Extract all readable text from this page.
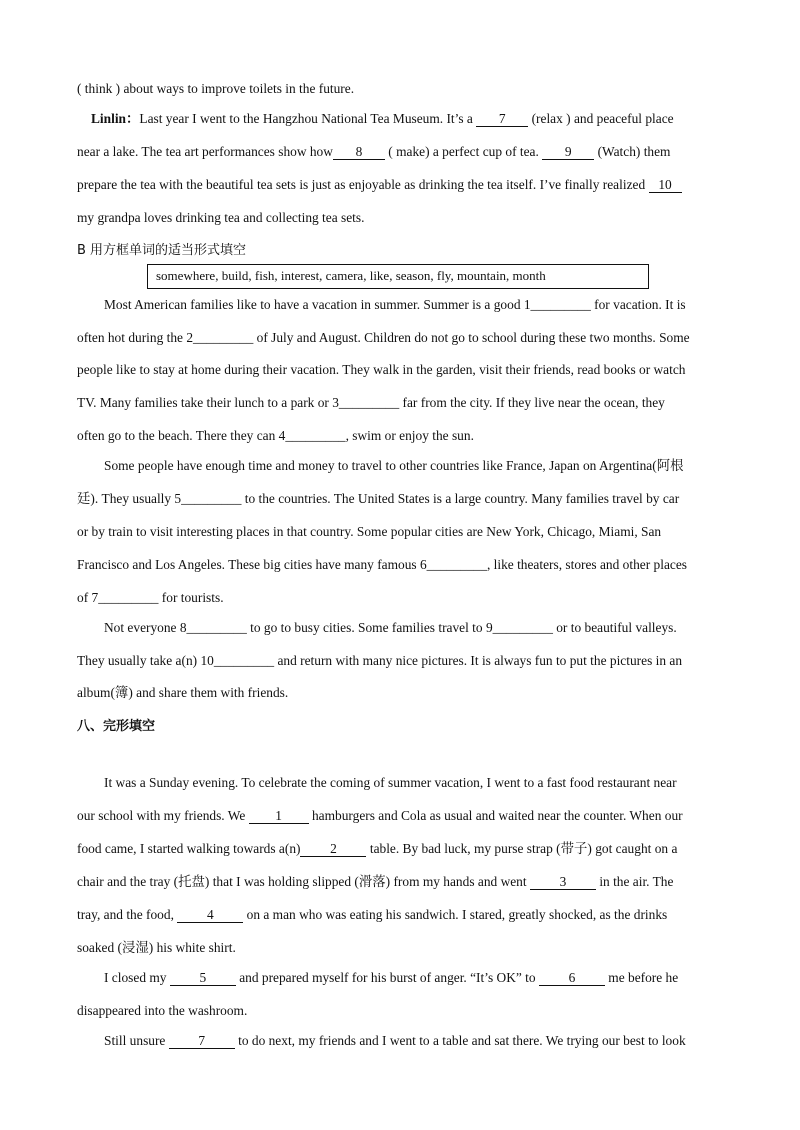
( think ) about ways to improve toilets in the future.
Linlin：Last year I went to the Hangzhou National Tea Museum. It’s a 7 (relax ) and peaceful place
near a lake. The tea art performances show how 8 ( make) a perfect cup of tea. 9 (Watch) them
prepare the tea with the beautiful tea sets is just as enjoyable as drinking the tea itself. I’ve finally realized 10
my grandpa loves drinking tea and collecting tea sets.
B 用方框单词的适当形式填空
somewhere, build, fish, interest, camera, like, season, fly, mountain, month
Most American families like to have a vacation in summer. Summer is a good 1_________ for vacation. It is
often hot during the 2_________ of July and August. Children do not go to school during these two months. Some
people like to stay at home during their vacation. They walk in the garden, visit their friends, read books or watch
TV. Many families take their lunch to a park or 3_________ far from the city. If they live near the ocean, they
often go to the beach. There they can 4_________, swim or enjoy the sun.
Some people have enough time and money to travel to other countries like France, Japan on Argentina(阿根
廷). They usually 5_________ to the countries. The United States is a large country. Many families travel by car
or by train to visit interesting places in that country. Some popular cities are New York, Chicago, Miami, San
Francisco and Los Angeles. These big cities have many famous 6_________, like theaters, stores and other places
of 7_________ for tourists.
Not everyone 8_________ to go to busy cities. Some families travel to 9_________ or to beautiful valleys.
They usually take a(n) 10_________ and return with many nice pictures. It is always fun to put the pictures in an
album(簿) and share them with friends.
八、完形填空
It was a Sunday evening. To celebrate the coming of summer vacation, I went to a fast food restaurant near
our school with my friends. We 1 hamburgers and Cola as usual and waited near the counter. When our
food came, I started walking towards a(n) 2 table. By bad luck, my purse strap (带子) got caught on a
chair and the tray (托盘) that I was holding slipped (滑落) from my hands and went 3 in the air. The
tray, and the food, 4 on a man who was eating his sandwich. I stared, greatly shocked, as the drinks
soaked (浸湿) his white shirt.
I closed my 5 and prepared myself for his burst of anger. “It’s OK” to 6 me before he
disappeared into the washroom.
Still unsure 7 to do next, my friends and I went to a table and sat there. We trying our best to look
